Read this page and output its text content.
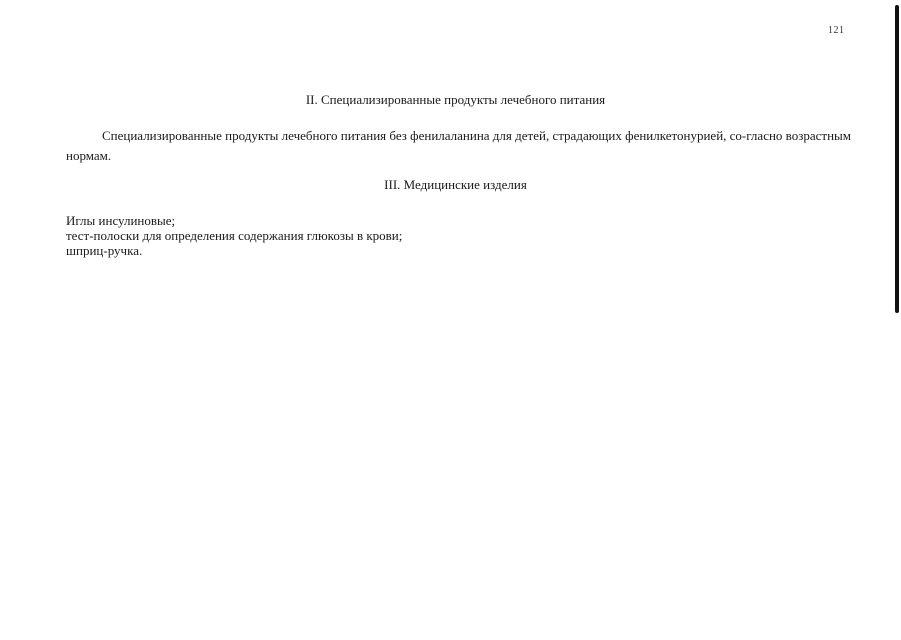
121
II. Специализированные продукты лечебного питания

Специализированные продукты лечебного питания без фенилаланина для детей, страдающих фенилкетонурией, со-гласно возрастным нормам.

III. Медицинские изделия
Иглы инсулиновые;
тест-полоски для определения содержания глюкозы в крови;
шприц-ручка.
